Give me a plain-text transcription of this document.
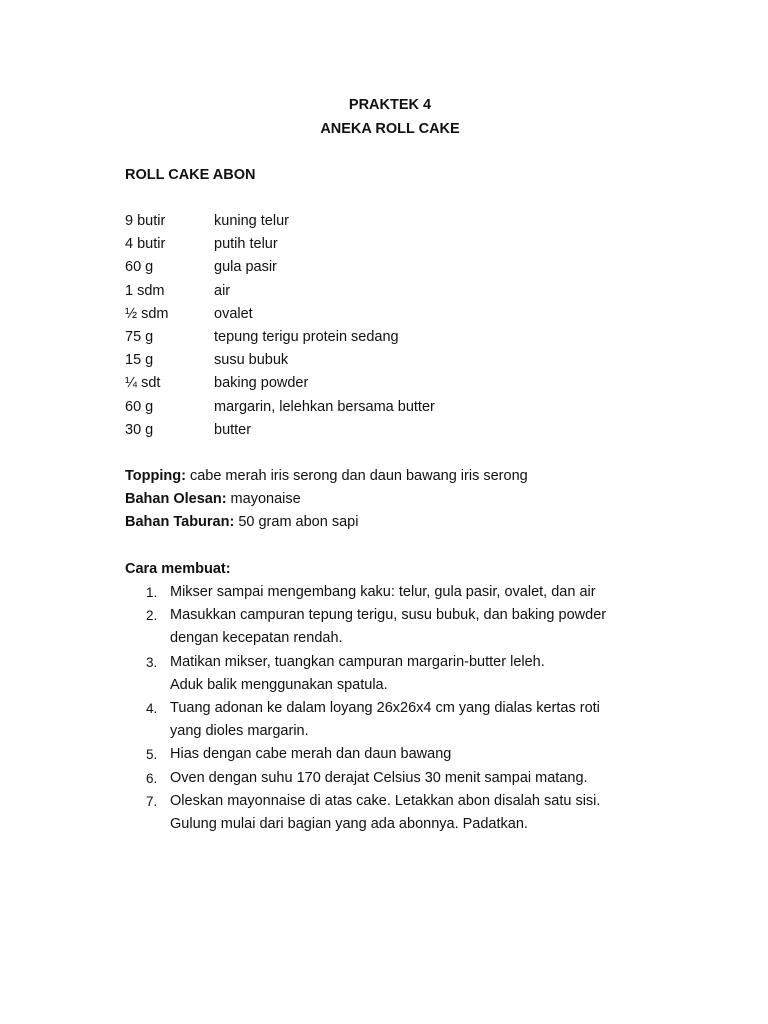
PRAKTEK 4
ANEKA ROLL CAKE
ROLL CAKE ABON
9 butir	kuning telur
4 butir	putih telur
60 g	gula pasir
1 sdm	air
½ sdm	ovalet
75 g	tepung terigu protein sedang
15 g	susu bubuk
¼ sdt	baking powder
60 g	margarin, lelehkan bersama butter
30 g	butter
Topping: cabe merah iris serong dan daun bawang iris serong
Bahan Olesan: mayonaise
Bahan Taburan: 50 gram abon sapi
Cara membuat:
1. Mikser sampai mengembang kaku: telur, gula pasir, ovalet, dan air
2. Masukkan campuran tepung terigu, susu bubuk, dan baking powder
dengan kecepatan rendah.
3. Matikan mikser, tuangkan campuran margarin-butter leleh.
Aduk balik menggunakan spatula.
4. Tuang adonan ke dalam loyang 26x26x4 cm yang dialas kertas roti
yang dioles margarin.
5. Hias dengan cabe merah dan daun bawang
6. Oven dengan suhu 170 derajat Celsius 30 menit sampai matang.
7. Oleskan mayonnaise di atas cake. Letakkan abon disalah satu sisi.
Gulung mulai dari bagian yang ada abonnya. Padatkan.
